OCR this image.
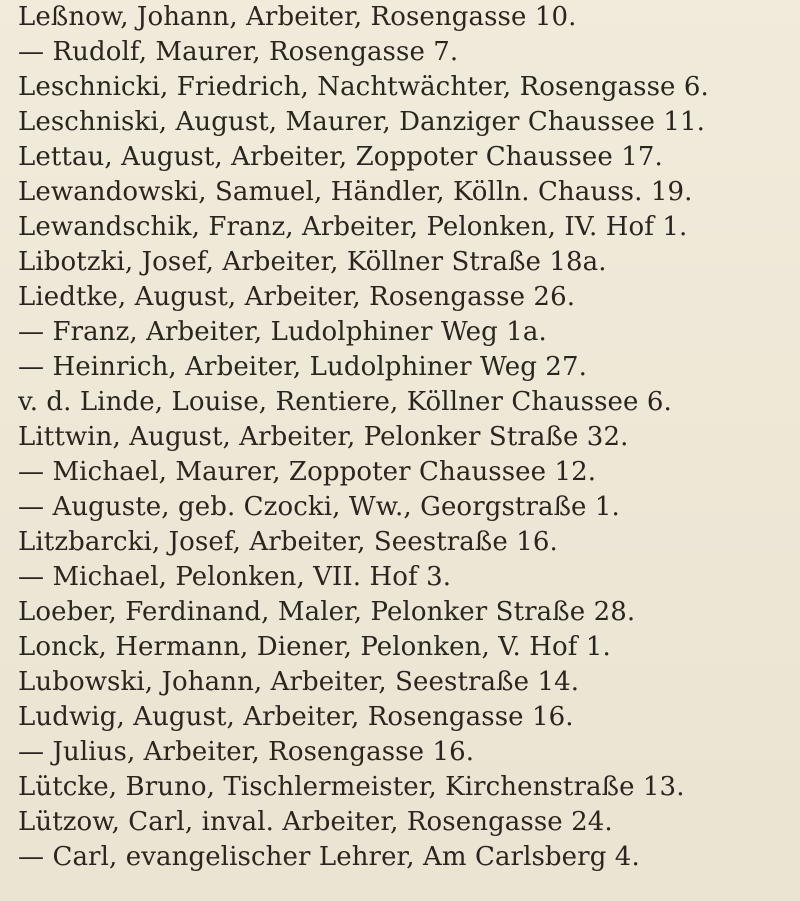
Leßnow, Johann, Arbeiter, Rosengasse 10.
— Rudolf, Maurer, Rosengasse 7.
Leschnicki, Friedrich, Nachtwächter, Rosengasse 6.
Leschniski, August, Maurer, Danziger Chaussee 11.
Lettau, August, Arbeiter, Zoppoter Chaussee 17.
Lewandowski, Samuel, Händler, Kölln. Chauss. 19.
Lewandschik, Franz, Arbeiter, Pelonken, IV. Hof 1.
Libotzki, Josef, Arbeiter, Köllner Straße 18a.
Liedtke, August, Arbeiter, Rosengasse 26.
— Franz, Arbeiter, Ludolphiner Weg 1a.
— Heinrich, Arbeiter, Ludolphiner Weg 27.
v. d. Linde, Louise, Rentiere, Köllner Chaussee 6.
Littwin, August, Arbeiter, Pelonker Straße 32.
— Michael, Maurer, Zoppoter Chaussee 12.
— Auguste, geb. Czocki, Ww., Georgstraße 1.
Litzbarcki, Josef, Arbeiter, Seestraße 16.
— Michael, Pelonken, VII. Hof 3.
Loeber, Ferdinand, Maler, Pelonker Straße 28.
Lonck, Hermann, Diener, Pelonken, V. Hof 1.
Lubowski, Johann, Arbeiter, Seestraße 14.
Ludwig, August, Arbeiter, Rosengasse 16.
— Julius, Arbeiter, Rosengasse 16.
Lütcke, Bruno, Tischlermeister, Kirchenstraße 13.
Lützow, Carl, inval. Arbeiter, Rosengasse 24.
— Carl, evangelischer Lehrer, Am Carlsberg 4.
